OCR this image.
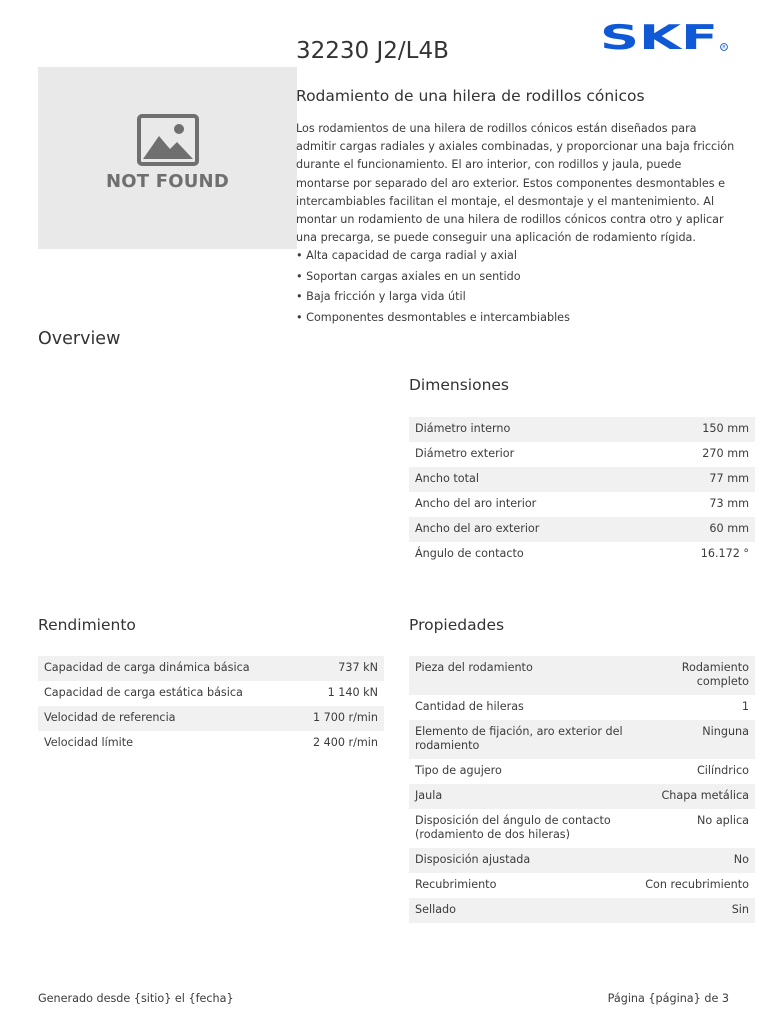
SKF R
NOT FOUND
32230 J2/L4B
Rodamiento de una hilera de rodillos cónicos

Los rodamientos de una hilera de rodillos cónicos están diseñados para admitir cargas radiales y axiales combinadas, y proporcionar una baja fricción durante el funcionamiento. El aro interior, con rodillos y jaula, puede montarse por separado del aro exterior. Estos componentes desmontables e intercambiables facilitan el montaje, el desmontaje y el mantenimiento. Al montar un rodamiento de una hilera de rodillos cónicos contra otro y aplicar una precarga, se puede conseguir una aplicación de rodamiento rígida.

• Alta capacidad de carga radial y axial
• Soportan cargas axiales en un sentido
• Baja fricción y larga vida útil
• Componentes desmontables e intercambiables
Overview
Dimensiones
Diámetro interno	150 mm
Diámetro exterior	270 mm
Ancho total	77 mm
Ancho del aro interior	73 mm
Ancho del aro exterior	60 mm
Ángulo de contacto	16.172 °
Rendimiento
Capacidad de carga dinámica básica	737 kN
Capacidad de carga estática básica	1 140 kN
Velocidad de referencia	1 700 r/min
Velocidad límite	2 400 r/min
Propiedades
Pieza del rodamiento	Rodamiento completo
Cantidad de hileras	1
Elemento de fijación, aro exterior del rodamiento	Ninguna
Tipo de agujero	Cilíndrico
Jaula	Chapa metálica
Disposición del ángulo de contacto (rodamiento de dos hileras)	No aplica
Disposición ajustada	No
Recubrimiento	Con recubrimiento
Sellado	Sin
Generado desde {sitio} el {fecha}	Página {página} de 3
